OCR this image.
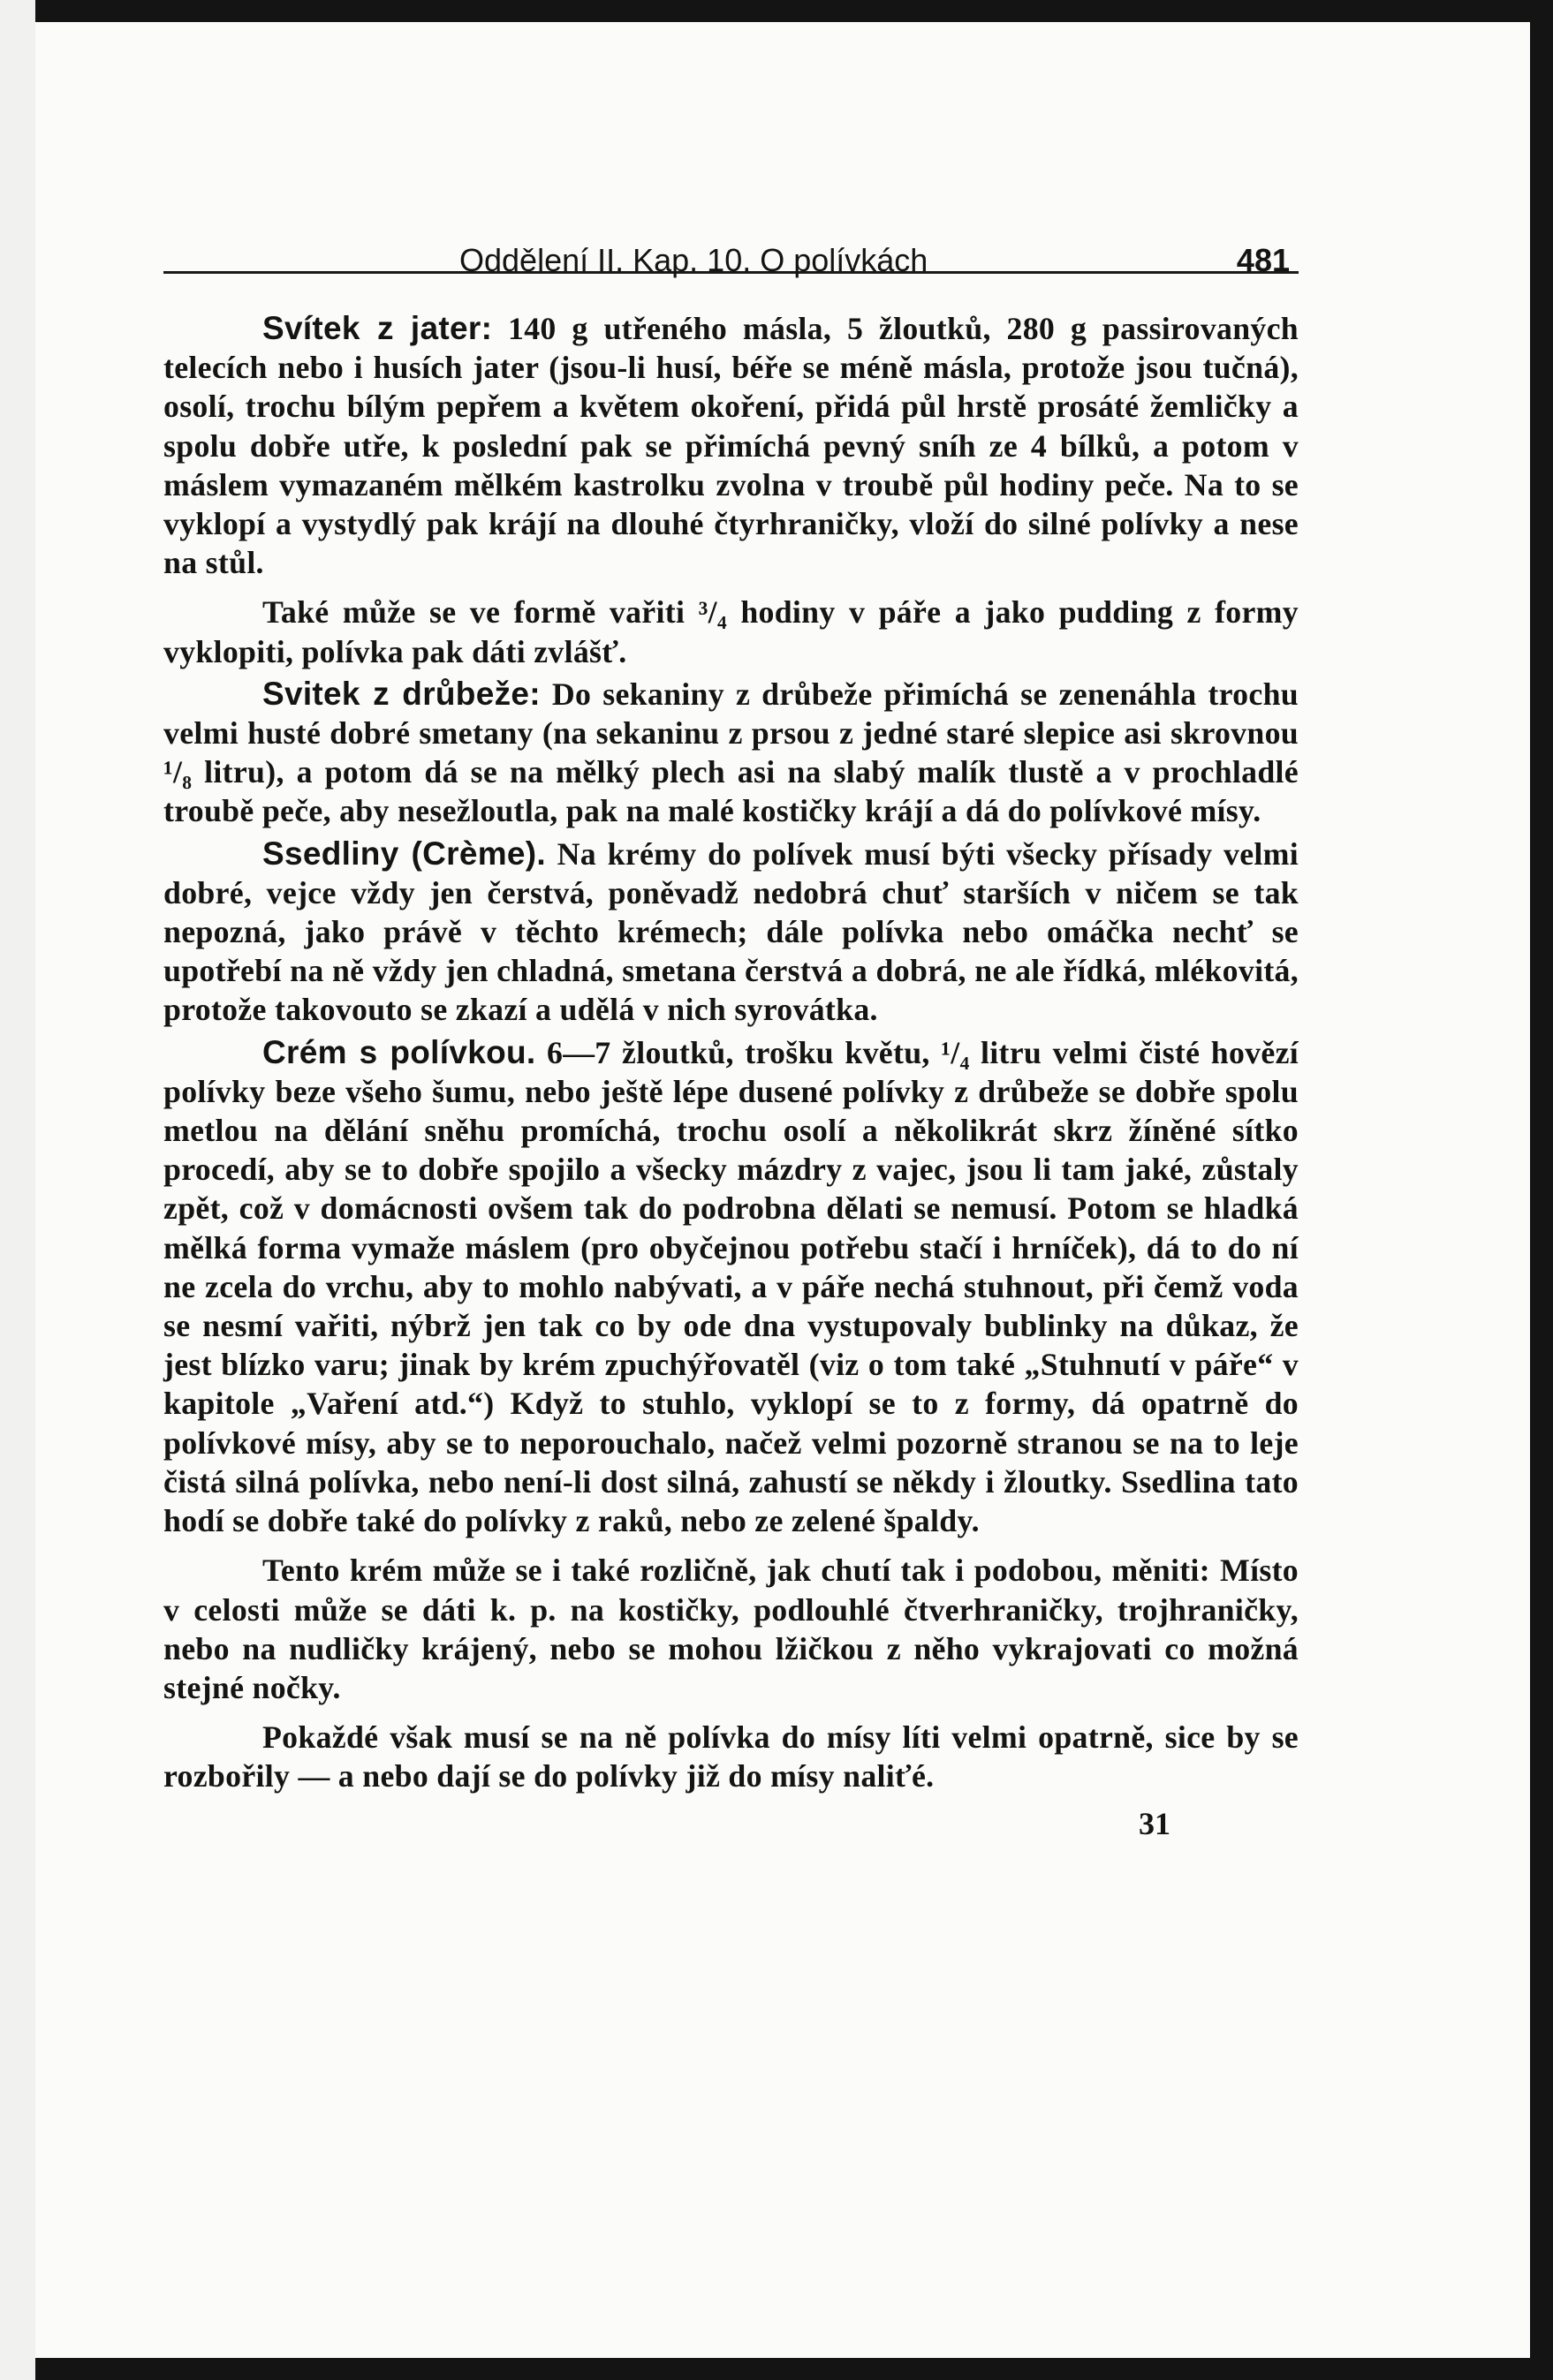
Oddělení II. Kap. 10. O polívkách	481

Svítek z jater: 140 g utřeného másla, 5 žloutků, 280 g passirovaných telecích nebo i husích jater (jsou-li husí, béře se méně másla, protože jsou tučná), osolí, trochu bílým pepřem a květem okoření, přidá půl hrstě prosáté žemličky a spolu dobře utře, k poslední pak se přimíchá pevný sníh ze 4 bílků, a potom v máslem vymazaném mělkém kastrolku zvolna v troubě půl hodiny peče. Na to se vyklopí a vystydlý pak krájí na dlouhé čtyrhraničky, vloží do silné polívky a nese na stůl.

Také může se ve formě vařiti ³/₄ hodiny v páře a jako pudding z formy vyklopiti, polívka pak dáti zvlášť.

Svitek z drůbeže: Do sekaniny z drůbeže přimíchá se zenenáhla trochu velmi husté dobré smetany (na sekaninu z prsou z jedné staré slepice asi skrovnou ¹/₈ litru), a potom dá se na mělký plech asi na slabý malík tlustě a v prochladlé troubě peče, aby nesežloutla, pak na malé kostičky krájí a dá do polívkové mísy.

Ssedliny (Crème). Na krémy do polívek musí býti všecky přísady velmi dobré, vejce vždy jen čerstvá, poněvadž nedobrá chuť starších v ničem se tak nepozná, jako právě v těchto krémech; dále polívka nebo omáčka nechť se upotřebí na ně vždy jen chladná, smetana čerstvá a dobrá, ne ale řídká, mlékovitá, protože takovouto se zkazí a udělá v nich syrovátka.

Crém s polívkou. 6—7 žloutků, trošku květu, ¹/₄ litru velmi čisté hovězí polívky beze všeho šumu, nebo ještě lépe dusené polívky z drůbeže se dobře spolu metlou na dělání sněhu promíchá, trochu osolí a několikrát skrz žíněné sítko procedí, aby se to dobře spojilo a všecky mázdry z vajec, jsou li tam jaké, zůstaly zpět, což v domácnosti ovšem tak do podrobna dělati se nemusí. Potom se hladká mělká forma vymaže máslem (pro obyčejnou potřebu stačí i hrníček), dá to do ní ne zcela do vrchu, aby to mohlo nabývati, a v páře nechá stuhnout, při čemž voda se nesmí vařiti, nýbrž jen tak co by ode dna vystupovaly bublinky na důkaz, že jest blízko varu; jinak by krém zpuchýřovatěl (viz o tom také „Stuhnutí v páře“ v kapitole „Vaření atd.“) Když to stuhlo, vyklopí se to z formy, dá opatrně do polívkové mísy, aby se to neporouchalo, načež velmi pozorně stranou se na to leje čistá silná polívka, nebo není-li dost silná, zahustí se někdy i žloutky. Ssedlina tato hodí se dobře také do polívky z raků, nebo ze zelené špaldy.

Tento krém může se i také rozličně, jak chutí tak i podobou, měniti: Místo v celosti může se dáti k. p. na kostičky, podlouhlé čtverhraničky, trojhraničky, nebo na nudličky krájený, nebo se mohou lžičkou z něho vykrajovati co možná stejné nočky.

Pokaždé však musí se na ně polívka do mísy líti velmi opatrně, sice by se rozbořily — a nebo dají se do polívky již do mísy naliťé.

31
